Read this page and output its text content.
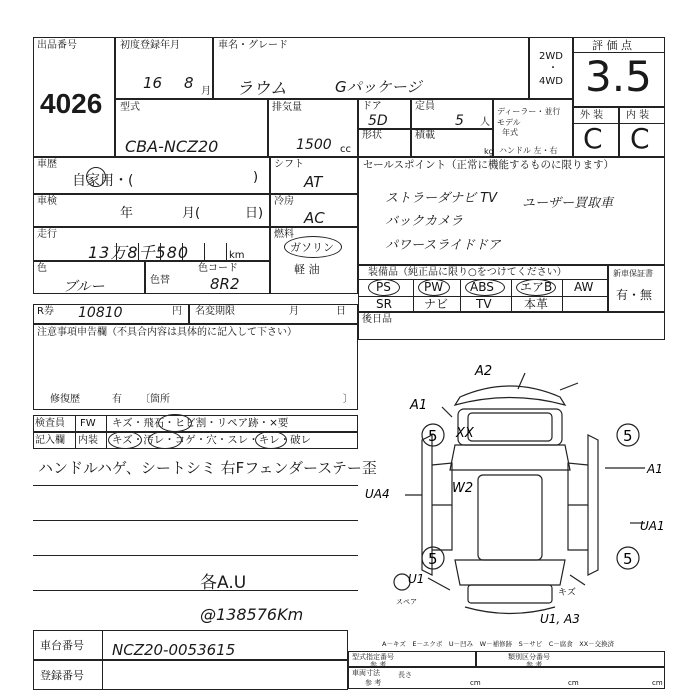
出品番号
4026
初度登録年月
16 8 月
車名・グレード
ラウム	Gパッケージ
2WD
・
4WD
評 価 点
3.5
型式
CBA-NCZ20
排気量
1500 cc
ドア
5D
定員
5 人
形状	積載
kg
ディーラー・並行
モデル
年式
ハンドル 左・右
外 装 内 装
C C
車歴
自家用・(	)
シフト
AT
車検
年	月(	日)
冷房
AC
走行
13万8千580	km
燃料
ガソリン
軽 油
色
ブルー	色替
色コード
8R2
R券 10810	円 名変期限	月	日
注意事項申告欄（不具合内容は具体的に記入して下さい）
修復歴	有 〔箇所	〕
検査員 FW キズ・飛石・ヒビ割・リペア跡・×要
記入欄 内装 キズ・汚レ・コゲ・穴・スレ・キレ・破レ
ハンドルハゲ、シートシミ 右Fフェンダーステー歪
各A.U
@138576Km
車台番号 NCZ20-0053615
登録番号
セールスポイント（正常に機能するものに限ります）
ストラーダナビ TV
バックカメラ
パワースライドドア
ユーザー買取車
装備品（純正品に限り○をつけてください）
PS	PW ABS エアB AW
SR	ナビ TV	本革
新車保証書
有・無
後日品
5	5
5	5
A2
A1
XX
A1
W2
UA4
UA1
U1
U1, A3
スペア
キズ
A－キズ　E－エクボ　U－凹み　W－補修跡　S－サビ　C－腐食　XX－交換済
型式指定番号
参 考
類別区分番号
参 考
車両寸法
参 考
長さ
cm	cm	cm
